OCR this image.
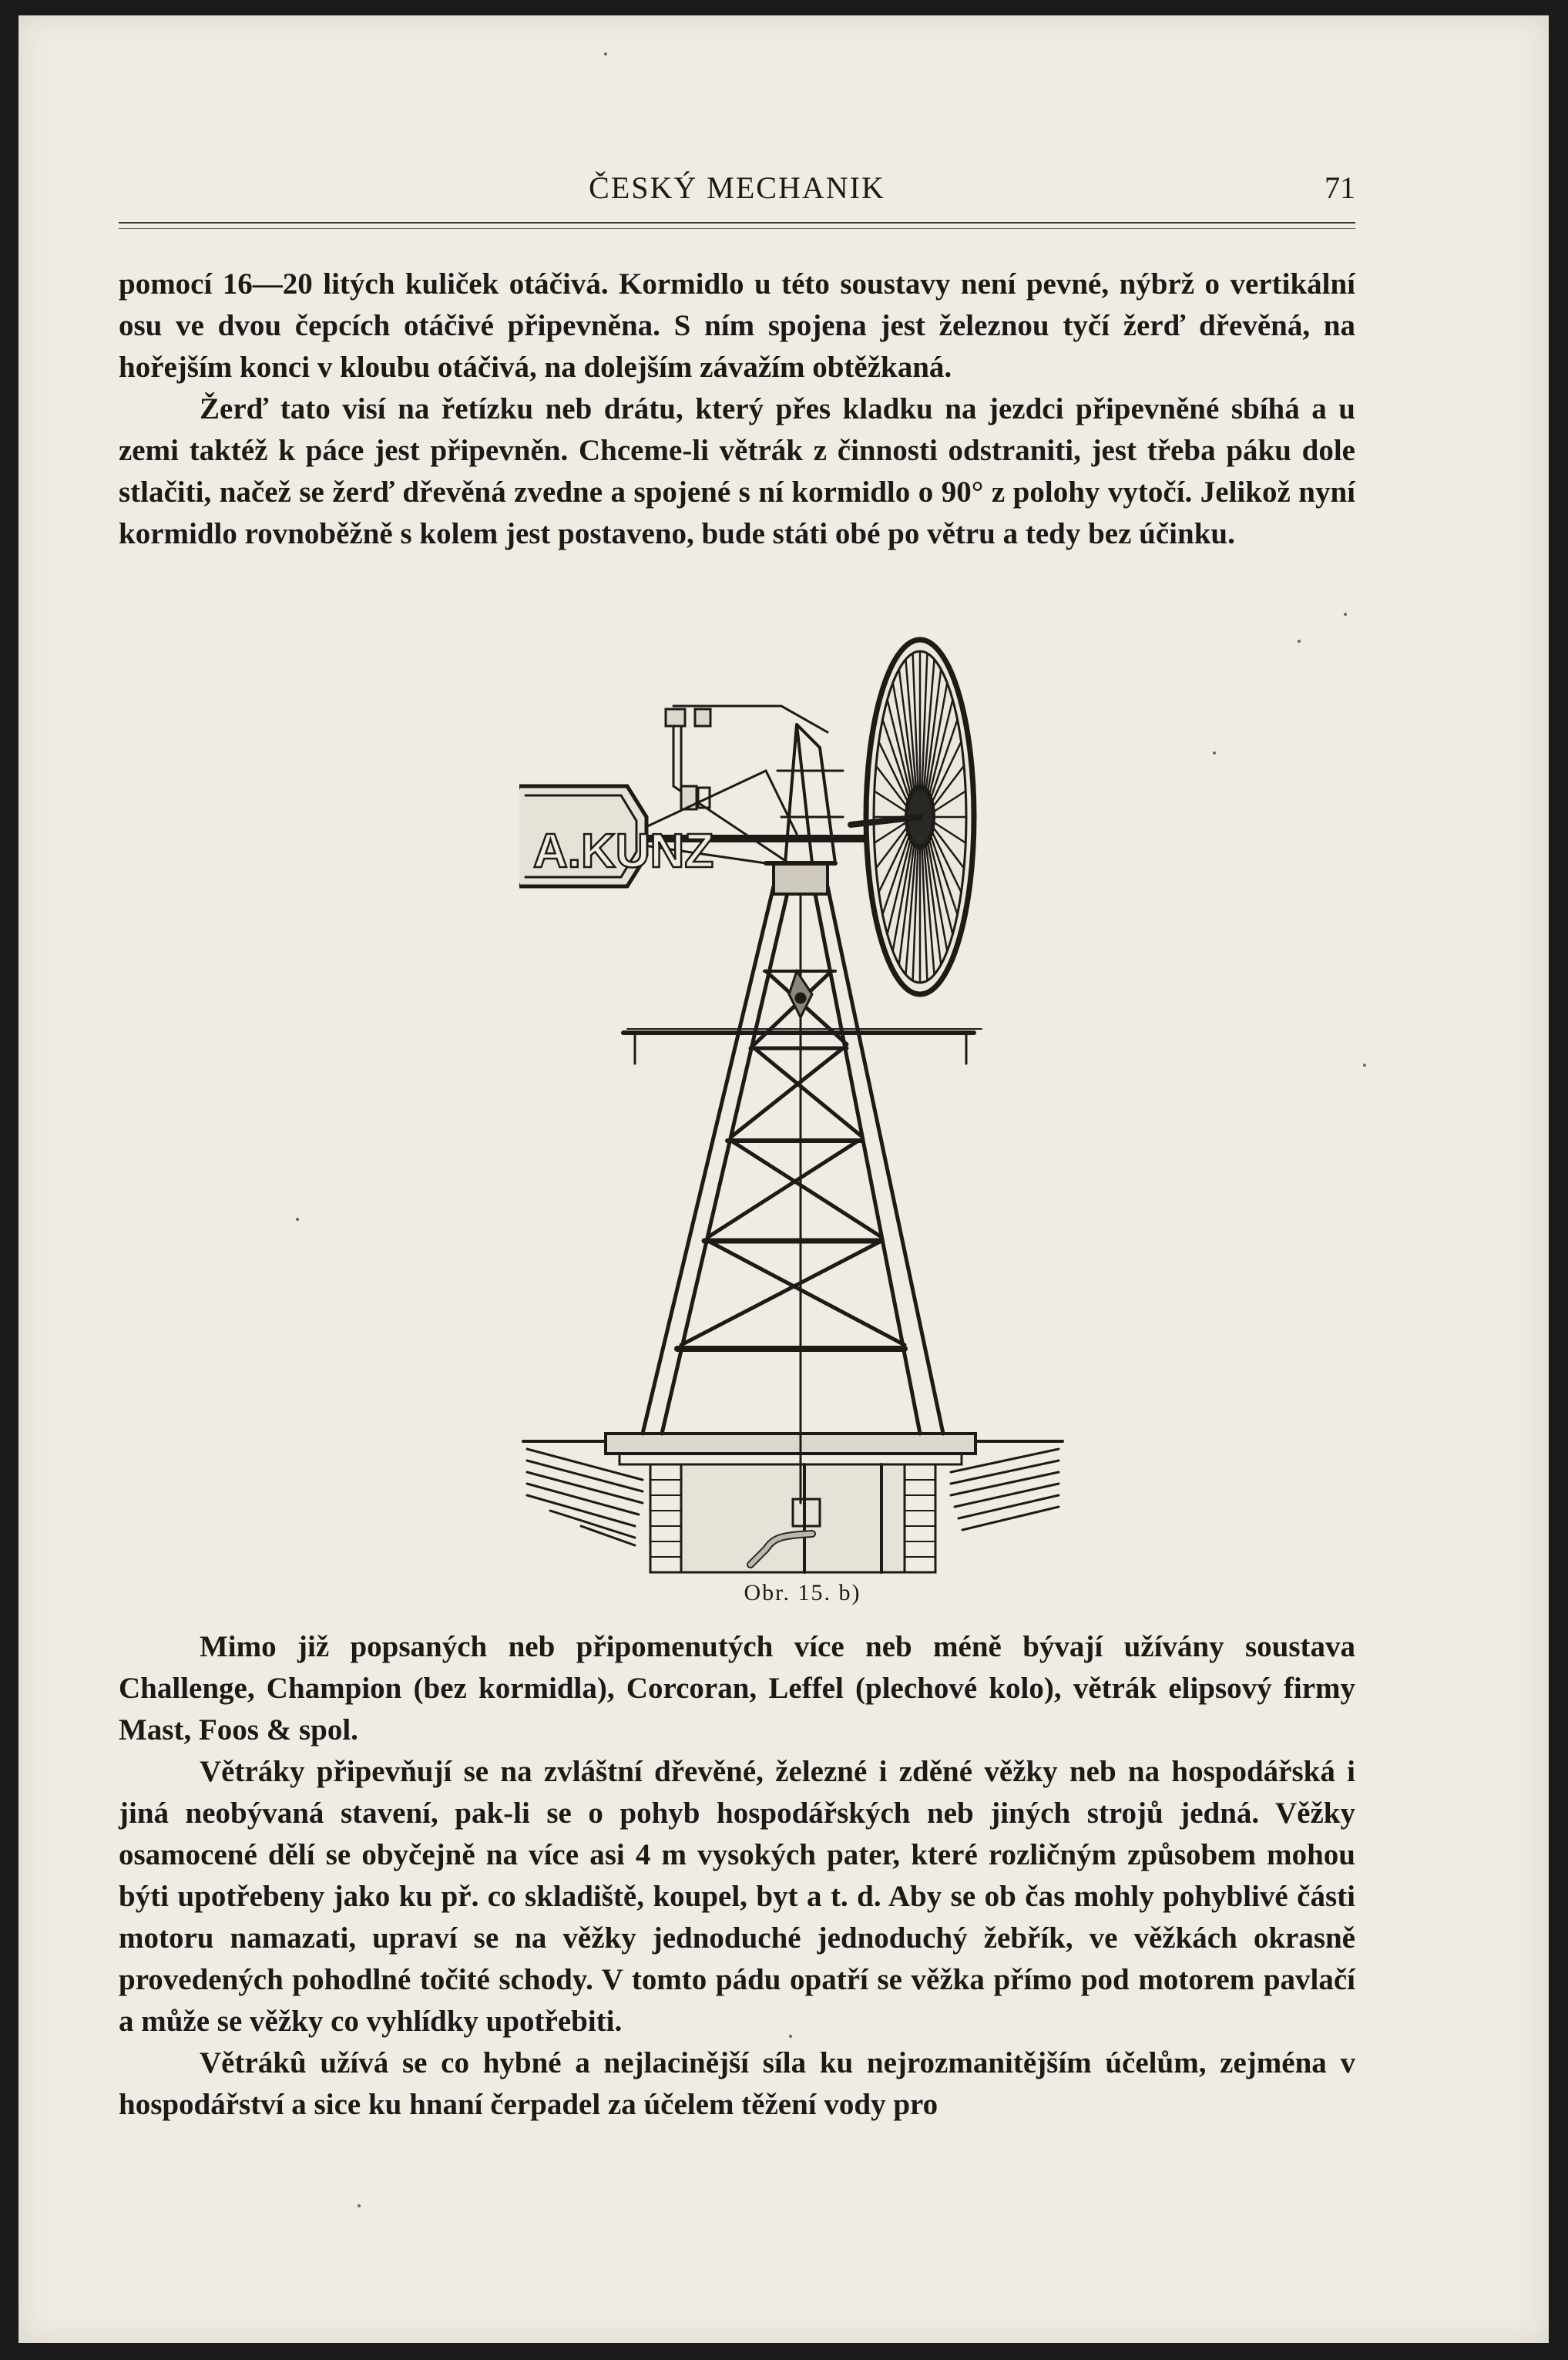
ČESKÝ MECHANIK	71

pomocí 16—20 litých kuliček otáčivá. Kormidlo u této soustavy není pevné, nýbrž o vertikální osu ve dvou čepcích otáčivé připevněna. S ním spojena jest železnou tyčí žerď dřevěná, na hořejším konci v kloubu otáčivá, na dolejším závažím obtěžkaná.

Žerď tato visí na řetízku neb drátu, který přes kladku na jezdci připevněné sbíhá a u zemi taktéž k páce jest připevněn. Chceme-li větrák z činnosti odstraniti, jest třeba páku dole stlačiti, načež se žerď dřevěná zvedne a spojené s ní kormidlo o 90° z polohy vytočí. Jelikož nyní kormidlo rovnoběžně s kolem jest postaveno, bude státi obé po větru a tedy bez účinku.

A.KUNZ
Obr. 15. b)

Mimo již popsaných neb připomenutých více neb méně bývají užívány soustava Challenge, Champion (bez kormidla), Corcoran, Leffel (plechové kolo), větrák elipsový firmy Mast, Foos & spol.

Větráky připevňují se na zvláštní dřevěné, železné i zděné věžky neb na hospodářská i jiná neobývaná stavení, pak-li se o pohyb hospodářských neb jiných strojů jedná. Věžky osamocené dělí se obyčejně na více asi 4 m vysokých pater, které rozličným způsobem mohou býti upotřebeny jako ku př. co skladiště, koupel, byt a t. d. Aby se ob čas mohly pohyblivé části motoru namazati, upraví se na věžky jednoduché jednoduchý žebřík, ve věžkách okrasně provedených pohodlné točité schody. V tomto pádu opatří se věžka přímo pod motorem pavlačí a může se věžky co vyhlídky upotřebiti.

Větrákû užívá se co hybné a nejlacinější síla ku nejrozmanitějším účelům, zejména v hospodářství a sice ku hnaní čerpadel za účelem těžení vody pro
